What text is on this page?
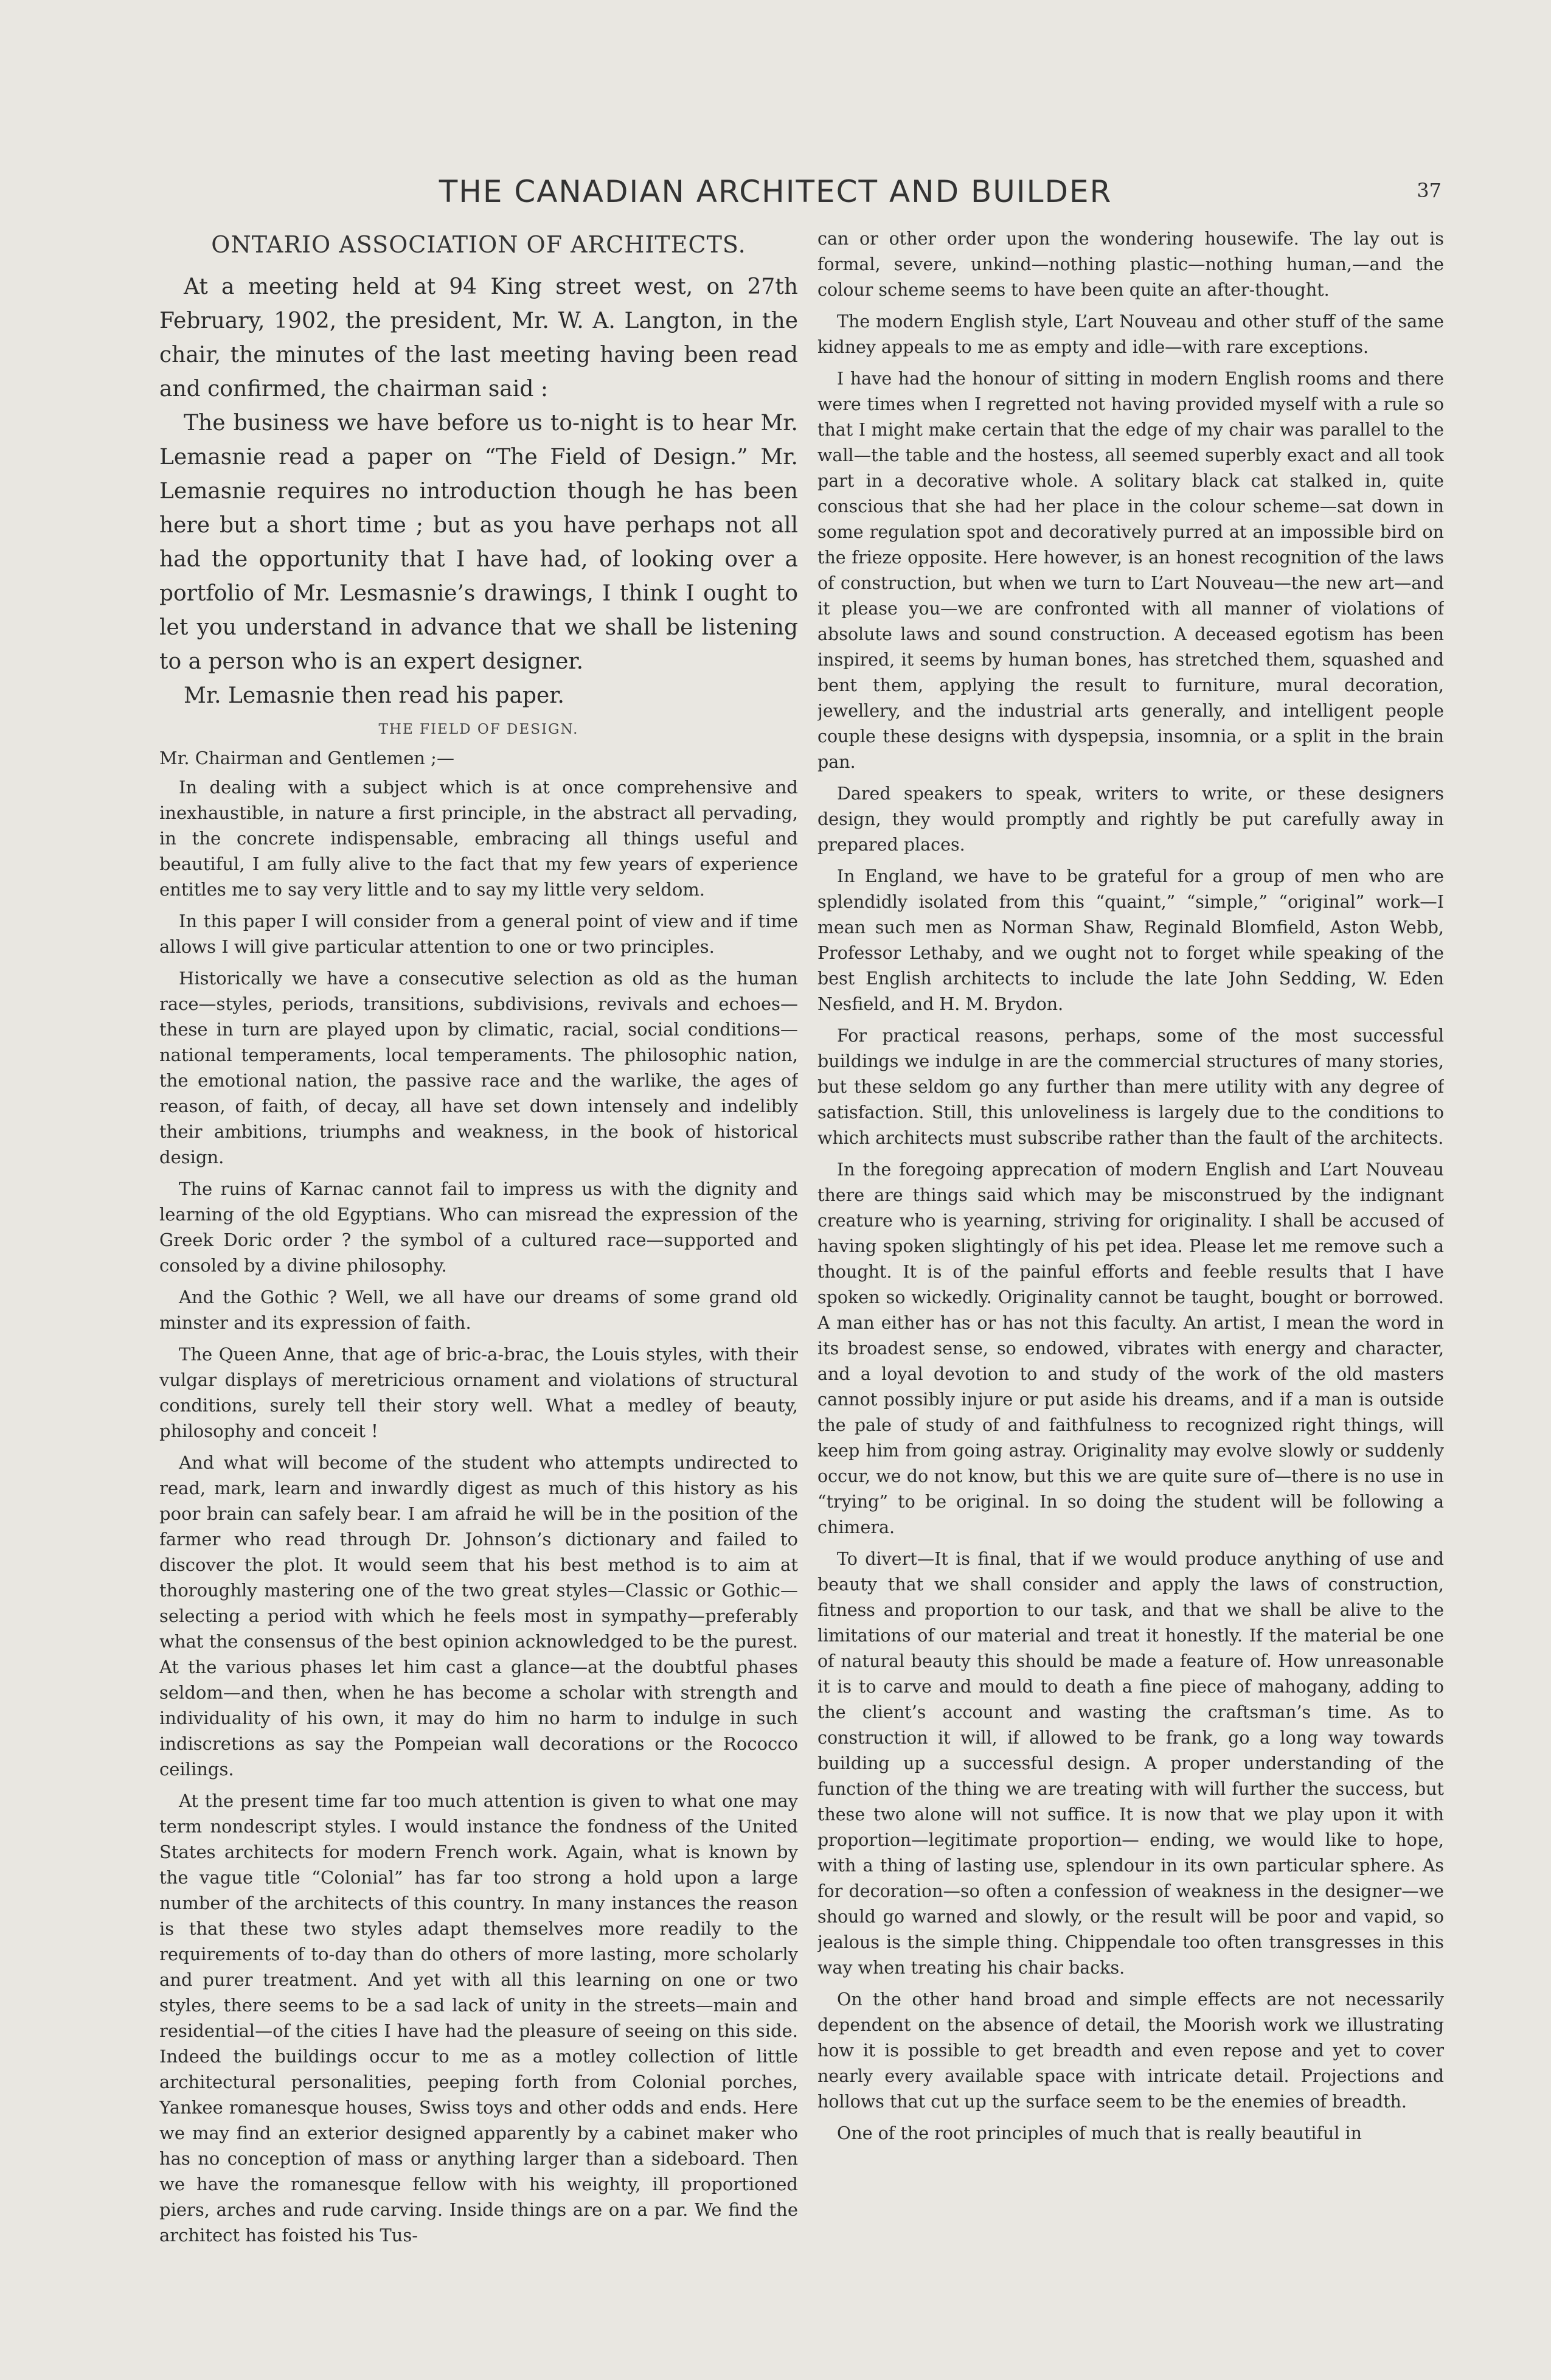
THE CANADIAN ARCHITECT AND BUILDER	37
ONTARIO ASSOCIATION OF ARCHITECTS.

At a meeting held at 94 King street west, on 27th February, 1902, the president, Mr. W. A. Langton, in the chair, the minutes of the last meeting having been read and confirmed, the chairman said :

The business we have before us to-night is to hear Mr. Lemasnie read a paper on “The Field of Design.” Mr. Lemasnie requires no introduction though he has been here but a short time ; but as you have perhaps not all had the opportunity that I have had, of looking over a portfolio of Mr. Lesmasnie’s drawings, I think I ought to let you understand in advance that we shall be listening to a person who is an expert designer.

Mr. Lemasnie then read his paper.

THE FIELD OF DESIGN.
Mr. Chairman and Gentlemen ;—

In dealing with a subject which is at once comprehensive and inexhaustible, in nature a first principle, in the abstract all pervading, in the concrete indispensable, embracing all things useful and beautiful, I am fully alive to the fact that my few years of experience entitles me to say very little and to say my little very seldom.

In this paper I will consider from a general point of view and if time allows I will give particular attention to one or two principles.

Historically we have a consecutive selection as old as the human race—styles, periods, transitions, subdivisions, revivals and echoes—these in turn are played upon by climatic, racial, social conditions—national temperaments, local temperaments. The philosophic nation, the emotional nation, the passive race and the warlike, the ages of reason, of faith, of decay, all have set down intensely and indelibly their ambitions, triumphs and weakness, in the book of historical design.

The ruins of Karnac cannot fail to impress us with the dignity and learning of the old Egyptians. Who can misread the expression of the Greek Doric order ? the symbol of a cultured race—supported and consoled by a divine philosophy.

And the Gothic ? Well, we all have our dreams of some grand old minster and its expression of faith.

The Queen Anne, that age of bric-a-brac, the Louis styles, with their vulgar displays of meretricious ornament and violations of structural conditions, surely tell their story well. What a medley of beauty, philosophy and conceit !

And what will become of the student who attempts undirected to read, mark, learn and inwardly digest as much of this history as his poor brain can safely bear. I am afraid he will be in the position of the farmer who read through Dr. Johnson’s dictionary and failed to discover the plot. It would seem that his best method is to aim at thoroughly mastering one of the two great styles—Classic or Gothic—selecting a period with which he feels most in sympathy—preferably what the consensus of the best opinion acknowledged to be the purest. At the various phases let him cast a glance—at the doubtful phases seldom—and then, when he has become a scholar with strength and individuality of his own, it may do him no harm to indulge in such indiscretions as say the Pompeian wall decorations or the Rococco ceilings.

At the present time far too much attention is given to what one may term nondescript styles. I would instance the fondness of the United States architects for modern French work. Again, what is known by the vague title “Colonial” has far too strong a hold upon a large number of the architects of this country. In many instances the reason is that these two styles adapt themselves more readily to the requirements of to-day than do others of more lasting, more scholarly and purer treatment. And yet with all this learning on one or two styles, there seems to be a sad lack of unity in the streets—main and residential—of the cities I have had the pleasure of seeing on this side. Indeed the buildings occur to me as a motley collection of little architectural personalities, peeping forth from Colonial porches, Yankee romanesque houses, Swiss toys and other odds and ends. Here we may find an exterior designed apparently by a cabinet maker who has no conception of mass or anything larger than a sideboard. Then we have the romanesque fellow with his weighty, ill proportioned piers, arches and rude carving. Inside things are on a par. We find the architect has foisted his Tus-

can or other order upon the wondering housewife. The lay out is formal, severe, unkind—nothing plastic—nothing human,—and the colour scheme seems to have been quite an after-thought.

The modern English style, L’art Nouveau and other stuff of the same kidney appeals to me as empty and idle—with rare exceptions.

I have had the honour of sitting in modern English rooms and there were times when I regretted not having provided myself with a rule so that I might make certain that the edge of my chair was parallel to the wall—the table and the hostess, all seemed superbly exact and all took part in a decorative whole. A solitary black cat stalked in, quite conscious that she had her place in the colour scheme—sat down in some regulation spot and decoratively purred at an impossible bird on the frieze opposite. Here however, is an honest recognition of the laws of construction, but when we turn to L’art Nouveau—the new art—and it please you—we are confronted with all manner of violations of absolute laws and sound construction. A deceased egotism has been inspired, it seems by human bones, has stretched them, squashed and bent them, applying the result to furniture, mural decoration, jewellery, and the industrial arts generally, and intelligent people couple these designs with dyspepsia, insomnia, or a split in the brain pan.

Dared speakers to speak, writers to write, or these designers design, they would promptly and rightly be put carefully away in prepared places.

In England, we have to be grateful for a group of men who are splendidly isolated from this “quaint,” “simple,” “original” work—I mean such men as Norman Shaw, Reginald Blomfield, Aston Webb, Professor Lethaby, and we ought not to forget while speaking of the best English architects to include the late John Sedding, W. Eden Nesfield, and H. M. Brydon.

For practical reasons, perhaps, some of the most successful buildings we indulge in are the commercial structures of many stories, but these seldom go any further than mere utility with any degree of satisfaction. Still, this unloveliness is largely due to the conditions to which architects must subscribe rather than the fault of the architects.

In the foregoing apprecation of modern English and L’art Nouveau there are things said which may be misconstrued by the indignant creature who is yearning, striving for originality. I shall be accused of having spoken slightingly of his pet idea. Please let me remove such a thought. It is of the painful efforts and feeble results that I have spoken so wickedly. Originality cannot be taught, bought or borrowed. A man either has or has not this faculty. An artist, I mean the word in its broadest sense, so endowed, vibrates with energy and character, and a loyal devotion to and study of the work of the old masters cannot possibly injure or put aside his dreams, and if a man is outside the pale of study of and faithfulness to recognized right things, will keep him from going astray. Originality may evolve slowly or suddenly occur, we do not know, but this we are quite sure of—there is no use in “trying” to be original. In so doing the student will be following a chimera.

To divert—It is final, that if we would produce anything of use and beauty that we shall consider and apply the laws of construction, fitness and proportion to our task, and that we shall be alive to the limitations of our material and treat it honestly. If the material be one of natural beauty this should be made a feature of. How unreasonable it is to carve and mould to death a fine piece of mahogany, adding to the client’s account and wasting the craftsman’s time. As to construction it will, if allowed to be frank, go a long way towards building up a successful design. A proper understanding of the function of the thing we are treating with will further the success, but these two alone will not suffice. It is now that we play upon it with proportion—legitimate proportion— ending, we would like to hope, with a thing of lasting use, splendour in its own particular sphere. As for decoration—so often a confession of weakness in the designer—we should go warned and slowly, or the result will be poor and vapid, so jealous is the simple thing. Chippendale too often transgresses in this way when treating his chair backs.

On the other hand broad and simple effects are not necessarily dependent on the absence of detail, the Moorish work we illustrating how it is possible to get breadth and even repose and yet to cover nearly every available space with intricate detail. Projections and hollows that cut up the surface seem to be the enemies of breadth.

One of the root principles of much that is really beautiful in
